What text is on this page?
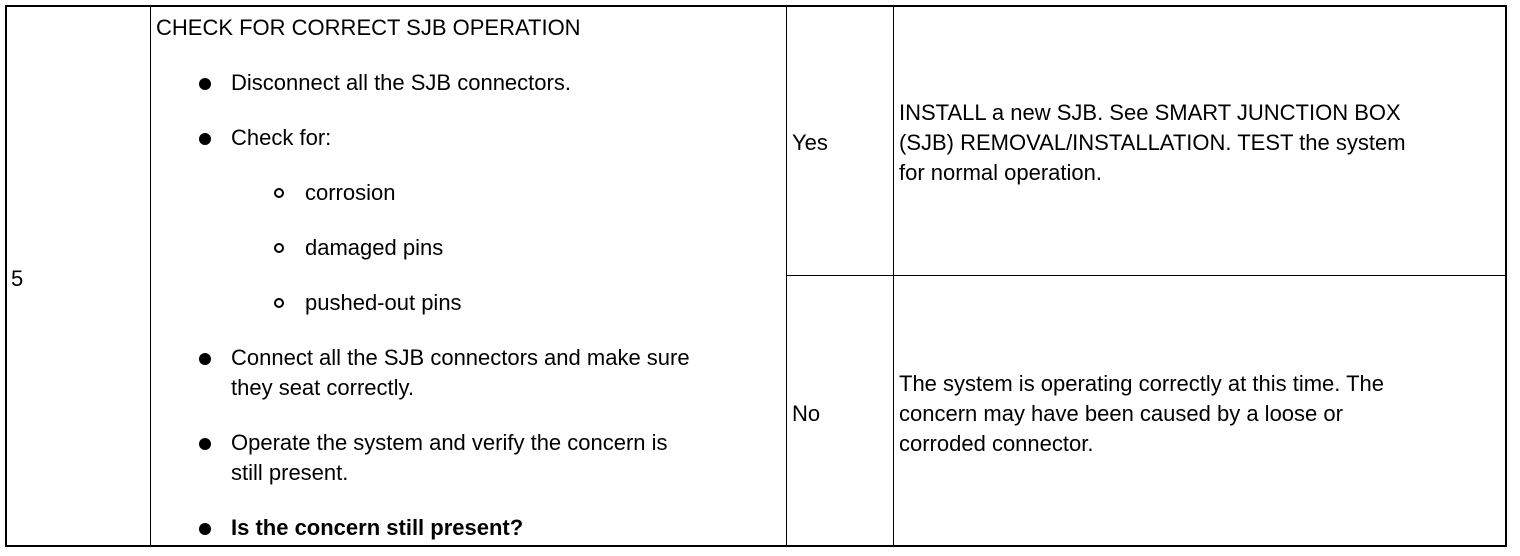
5
CHECK FOR CORRECT SJB OPERATION
Disconnect all the SJB connectors.
Check for:
corrosion
damaged pins
pushed-out pins
Connect all the SJB connectors and make sure
they seat correctly.
Operate the system and verify the concern is
still present.
Is the concern still present?
Yes
INSTALL a new SJB. See SMART JUNCTION BOX
(SJB) REMOVAL/INSTALLATION. TEST the system
for normal operation.
No
The system is operating correctly at this time. The
concern may have been caused by a loose or
corroded connector.
